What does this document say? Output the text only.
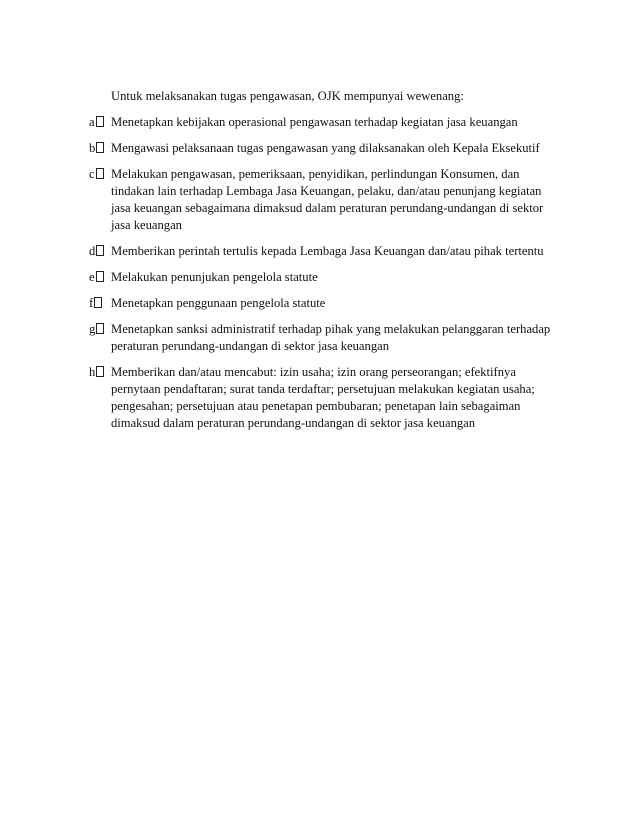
Untuk melaksanakan tugas pengawasan, OJK mempunyai wewenang:

a	Menetapkan kebijakan operasional pengawasan terhadap kegiatan jasa keuangan
b	Mengawasi pelaksanaan tugas pengawasan yang dilaksanakan oleh Kepala Eksekutif
c	Melakukan pengawasan, pemeriksaan, penyidikan, perlindungan Konsumen, dan
tindakan lain terhadap Lembaga Jasa Keuangan, pelaku, dan/atau penunjang kegiatan
jasa keuangan sebagaimana dimaksud dalam peraturan perundang-undangan di sektor
jasa keuangan
d	Memberikan perintah tertulis kepada Lembaga Jasa Keuangan dan/atau pihak tertentu
e	Melakukan penunjukan pengelola statute
f	Menetapkan penggunaan pengelola statute
g	Menetapkan sanksi administratif terhadap pihak yang melakukan pelanggaran terhadap
peraturan perundang-undangan di sektor jasa keuangan
h	Memberikan dan/atau mencabut: izin usaha; izin orang perseorangan; efektifnya
pernytaan pendaftaran; surat tanda terdaftar; persetujuan melakukan kegiatan usaha;
pengesahan; persetujuan atau penetapan pembubaran; penetapan lain sebagaiman
dimaksud dalam peraturan perundang-undangan di sektor jasa keuangan
